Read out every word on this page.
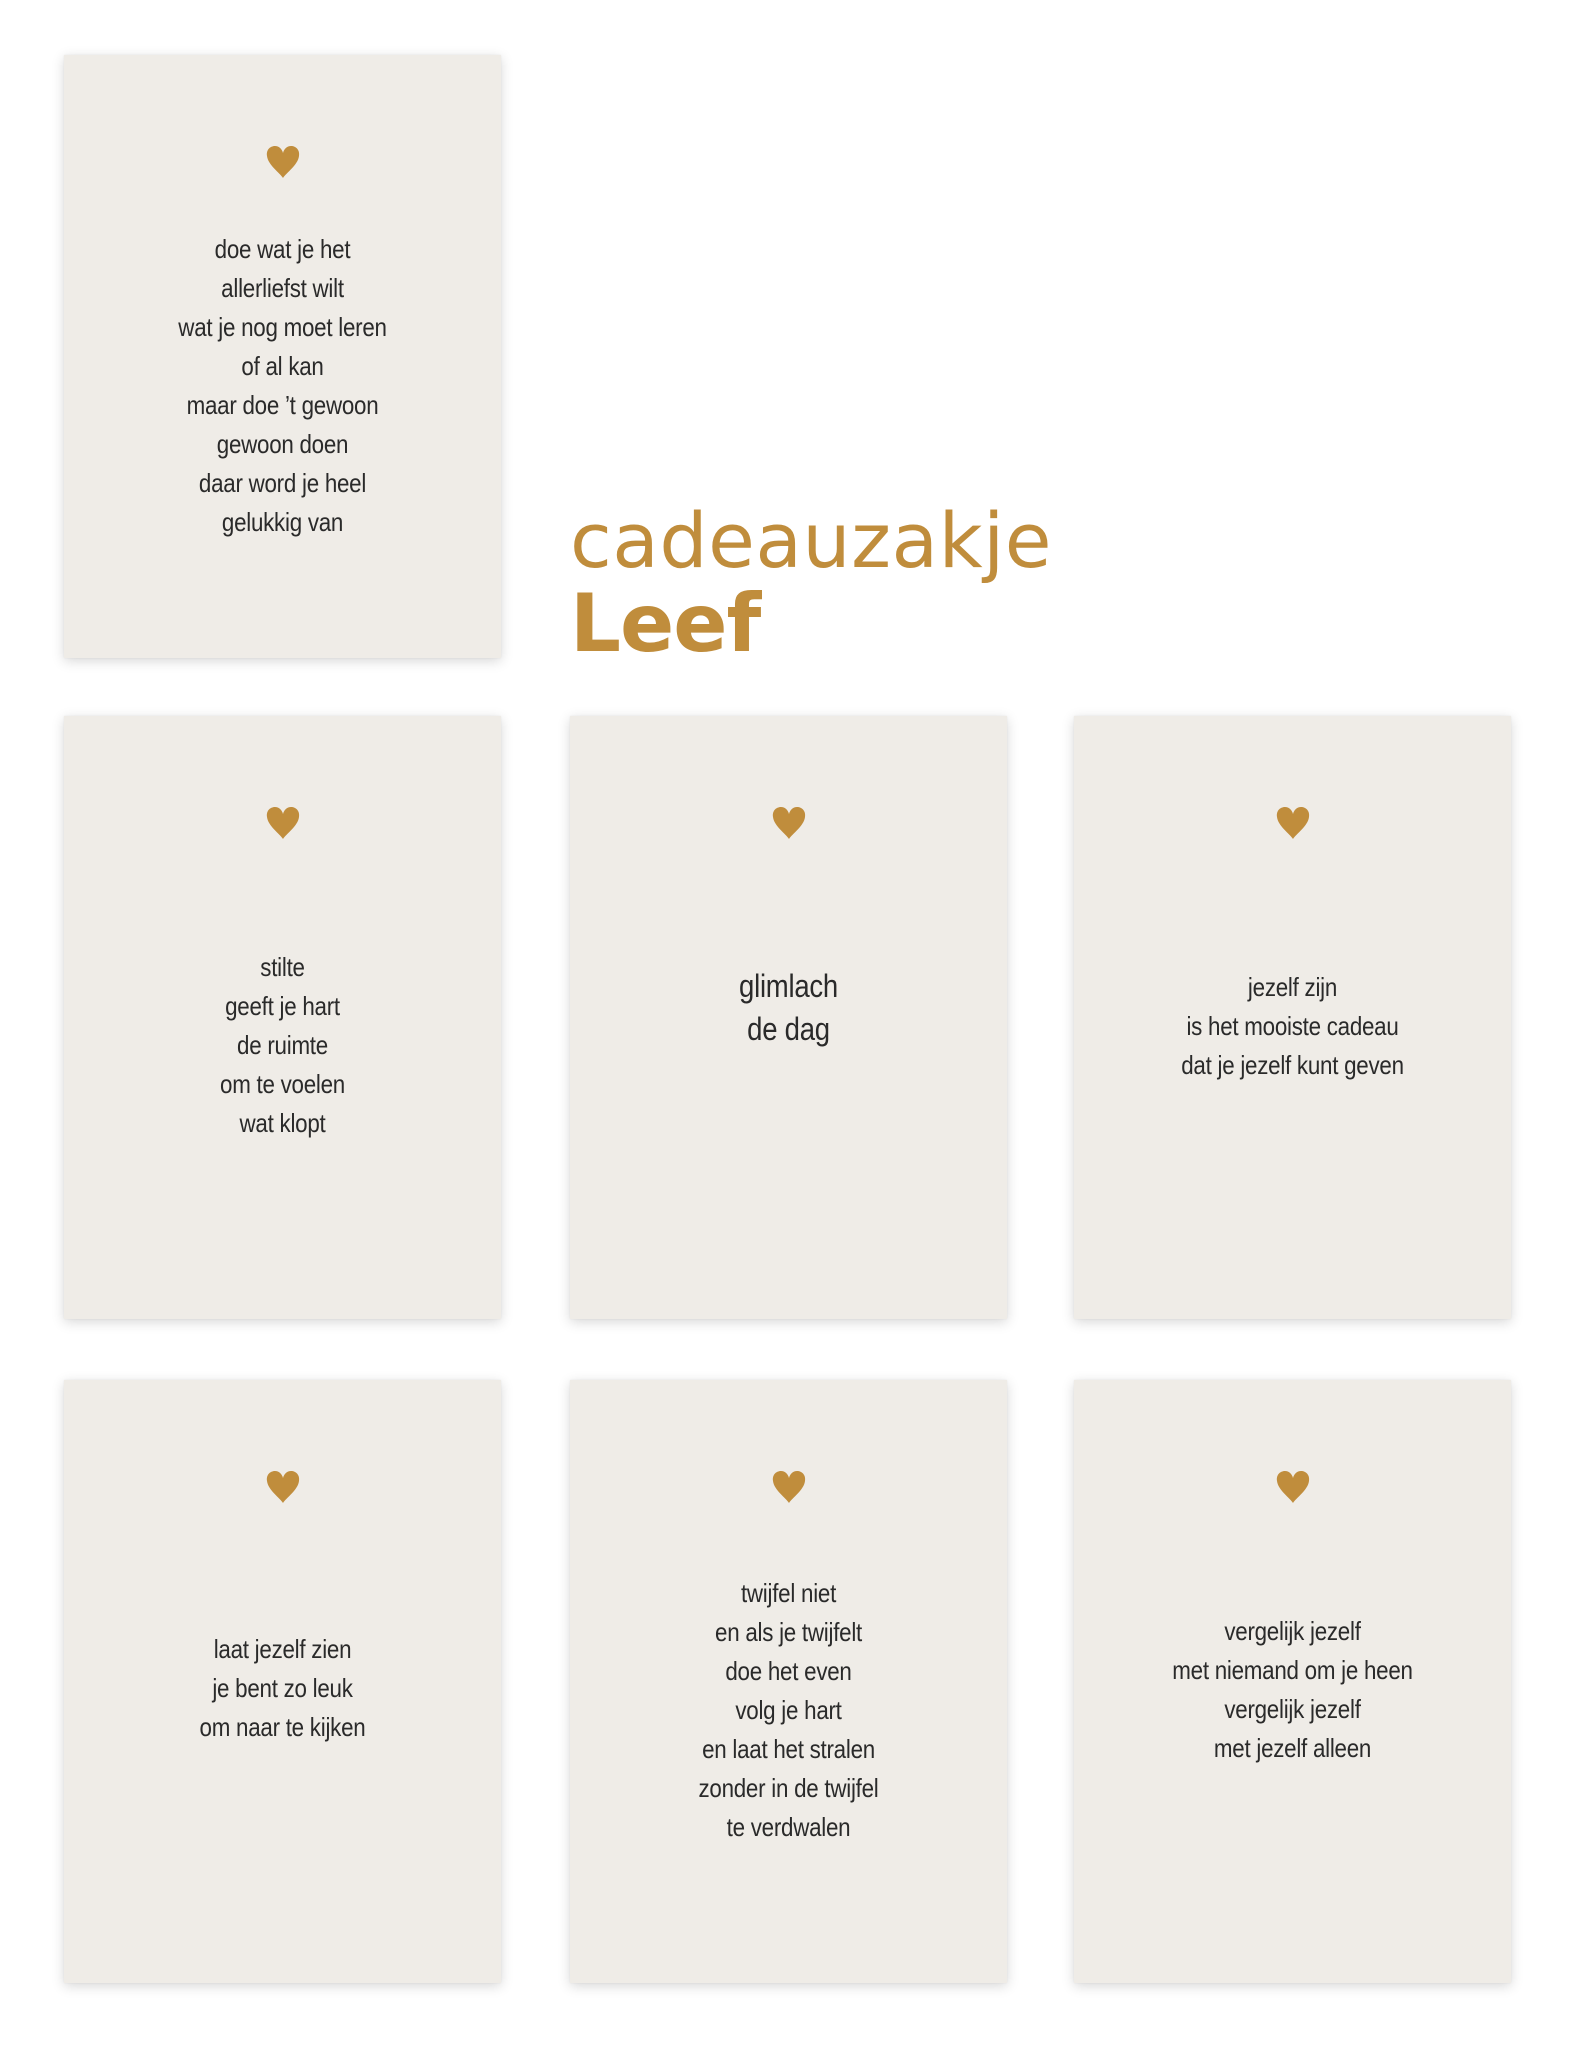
cadeauzakje
Leef
doe wat je het
allerliefst wilt
wat je nog moet leren
of al kan
maar doe ’t gewoon
gewoon doen
daar word je heel
gelukkig van
stilte
geeft je hart
de ruimte
om te voelen
wat klopt
glimlach
de dag
jezelf zijn
is het mooiste cadeau
dat je jezelf kunt geven
laat jezelf zien
je bent zo leuk
om naar te kijken
twijfel niet
en als je twijfelt
doe het even
volg je hart
en laat het stralen
zonder in de twijfel
te verdwalen
vergelijk jezelf
met niemand om je heen
vergelijk jezelf
met jezelf alleen
